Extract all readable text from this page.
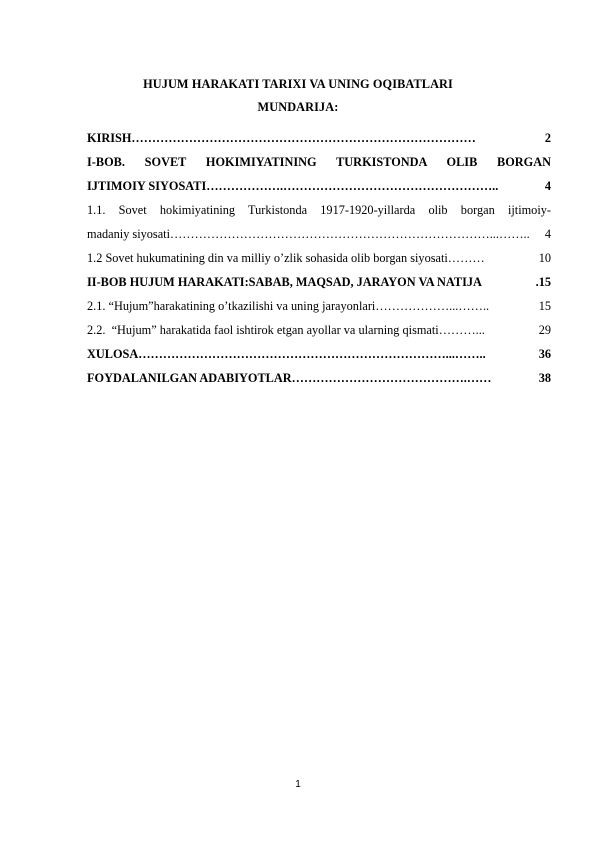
HUJUM HARAKATI TARIXI VA UNING OQIBATLARI
MUNDARIJA:
KIRISH …………………………………………………………………………	2
I-BOB. SOVET HOKIMIYATINING TURKISTONDA OLIB BORGAN
IJTIMOIY SIYOSATI ……………….……………………………………………..	4
1.1. Sovet hokimiyatining Turkistonda 1917-1920-yillarda olib borgan ijtimoiy-
madaniy siyosati ……………………………………………………………………...……..	4
1.2 Sovet hukumatining din va milliy o’zlik sohasida olib borgan siyosati ………	10
II-BOB HUJUM HARAKATI:SABAB, MAQSAD, JARAYON VA NATIJA	. 15
2.1. “Hujum”harakatining o’tkazilishi va uning jarayonlari ………………...……..	15
2.2.  “Hujum” harakatida faol ishtirok etgan ayollar va ularning qismati ………...	29
XULOSA …………………………………………………………………...……..	36
FOYDALANILGAN ADABIYOTLAR …………………………………….……	38
1
